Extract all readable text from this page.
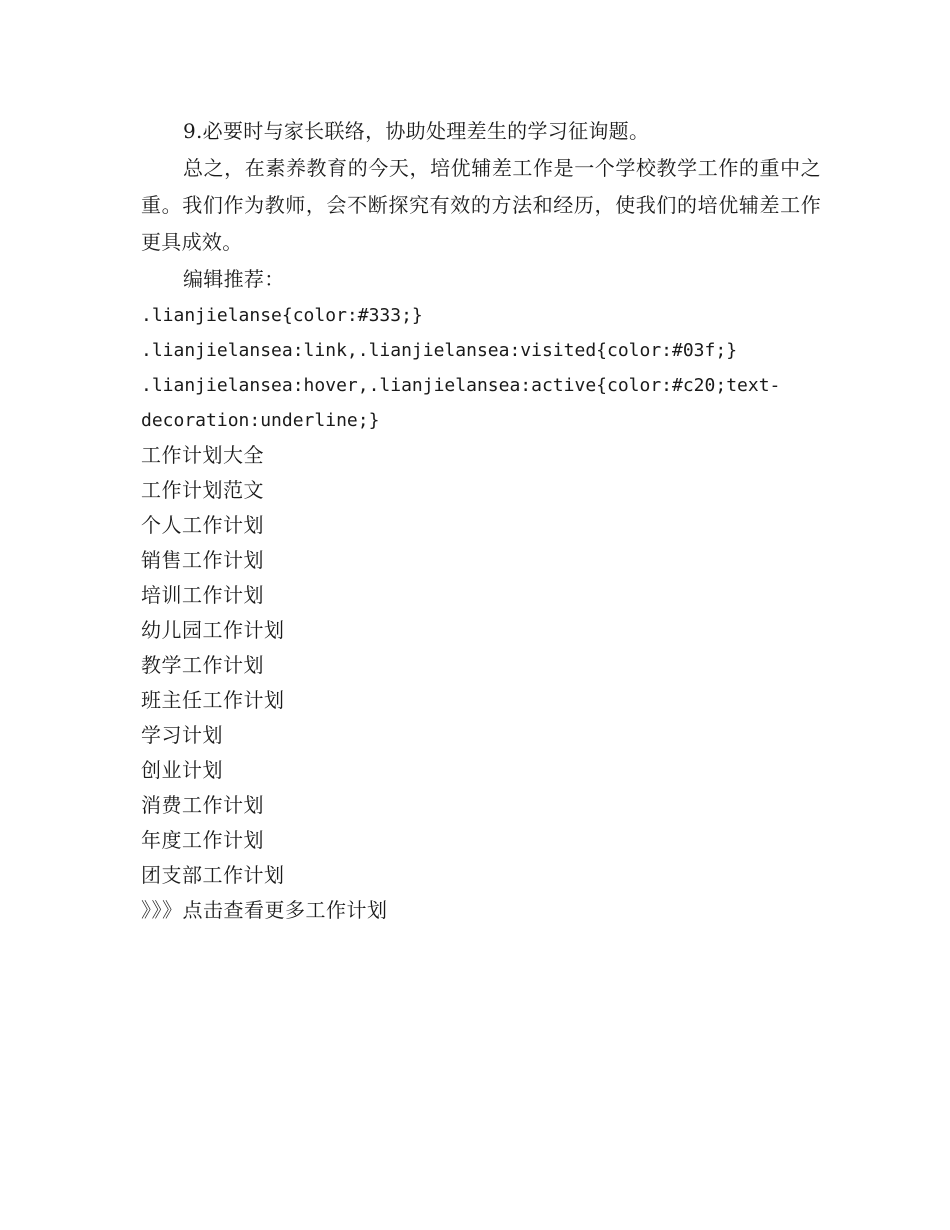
9.必要时与家长联络，协助处理差生的学习征询题。

总之，在素养教育的今天，培优辅差工作是一个学校教学工作的重中之重。我们作为教师，会不断探究有效的方法和经历，使我们的培优辅差工作更具成效。

编辑推荐：

.lianjielanse{color:#333;}
.lianjielansea:link,.lianjielansea:visited{color:#03f;}
.lianjielansea:hover,.lianjielansea:active{color:#c20;text-decoration:underline;}
工作计划大全
工作计划范文
个人工作计划
销售工作计划
培训工作计划
幼儿园工作计划
教学工作计划
班主任工作计划
学习计划
创业计划
消费工作计划
年度工作计划
团支部工作计划
》》》点击查看更多工作计划
